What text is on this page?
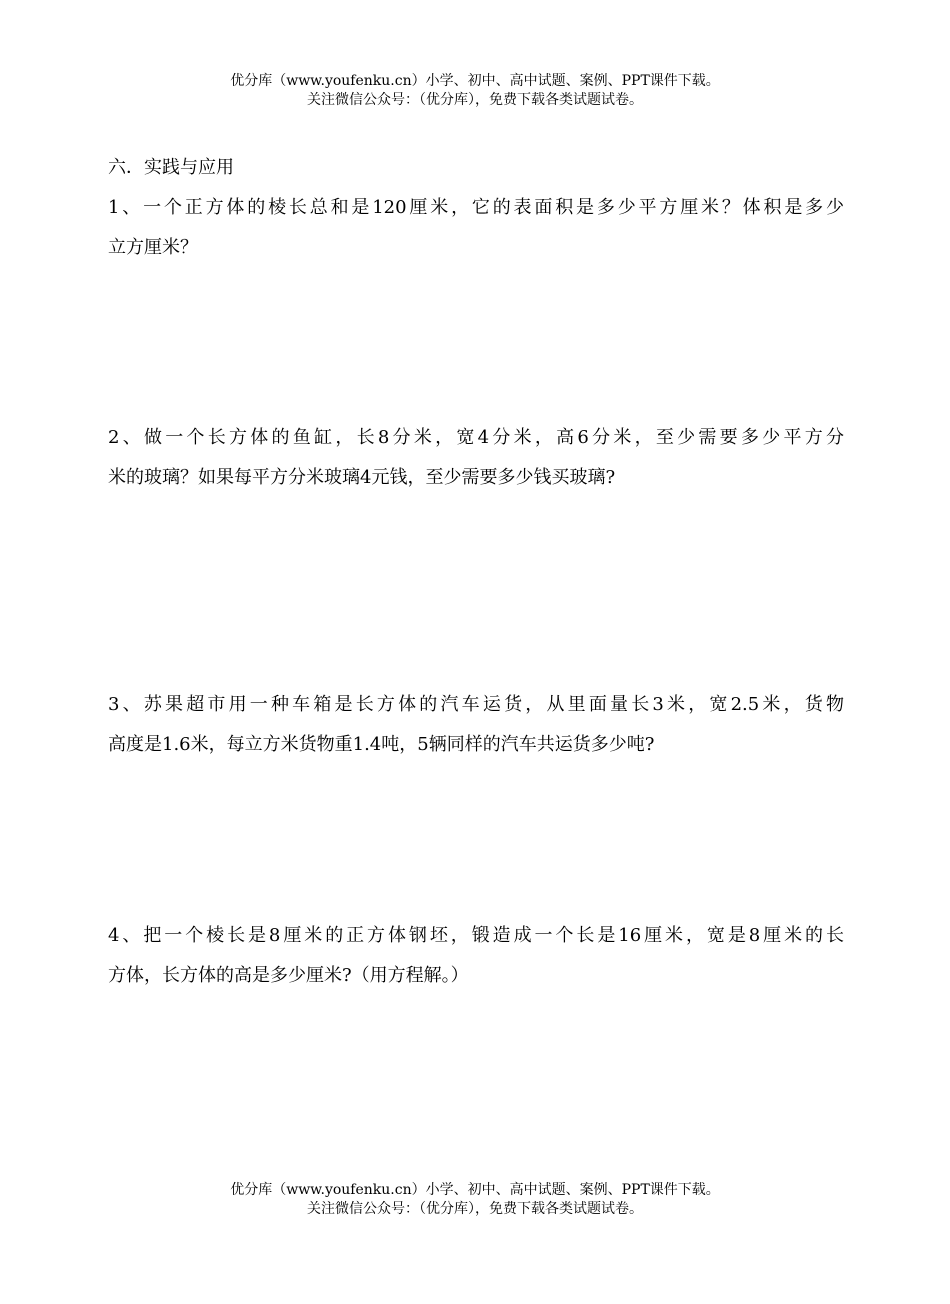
优分库（www.youfenku.cn）小学、初中、高中试题、案例、PPT课件下载。
关注微信公众号：（优分库），免费下载各类试题试卷。
六．实践与应用
1、一个正方体的棱长总和是120厘米，它的表面积是多少平方厘米？体积是多少
立方厘米？
2、做一个长方体的鱼缸，长8分米，宽4分米，高6分米，至少需要多少平方分
米的玻璃？如果每平方分米玻璃4元钱，至少需要多少钱买玻璃?
3、苏果超市用一种车箱是长方体的汽车运货，从里面量长3米，宽2.5米，货物
高度是1.6米，每立方米货物重1.4吨，5辆同样的汽车共运货多少吨?
4、把一个棱长是8厘米的正方体钢坯，锻造成一个长是16厘米，宽是8厘米的长
方体，长方体的高是多少厘米?（用方程解。）
优分库（www.youfenku.cn）小学、初中、高中试题、案例、PPT课件下载。
关注微信公众号：（优分库），免费下载各类试题试卷。
